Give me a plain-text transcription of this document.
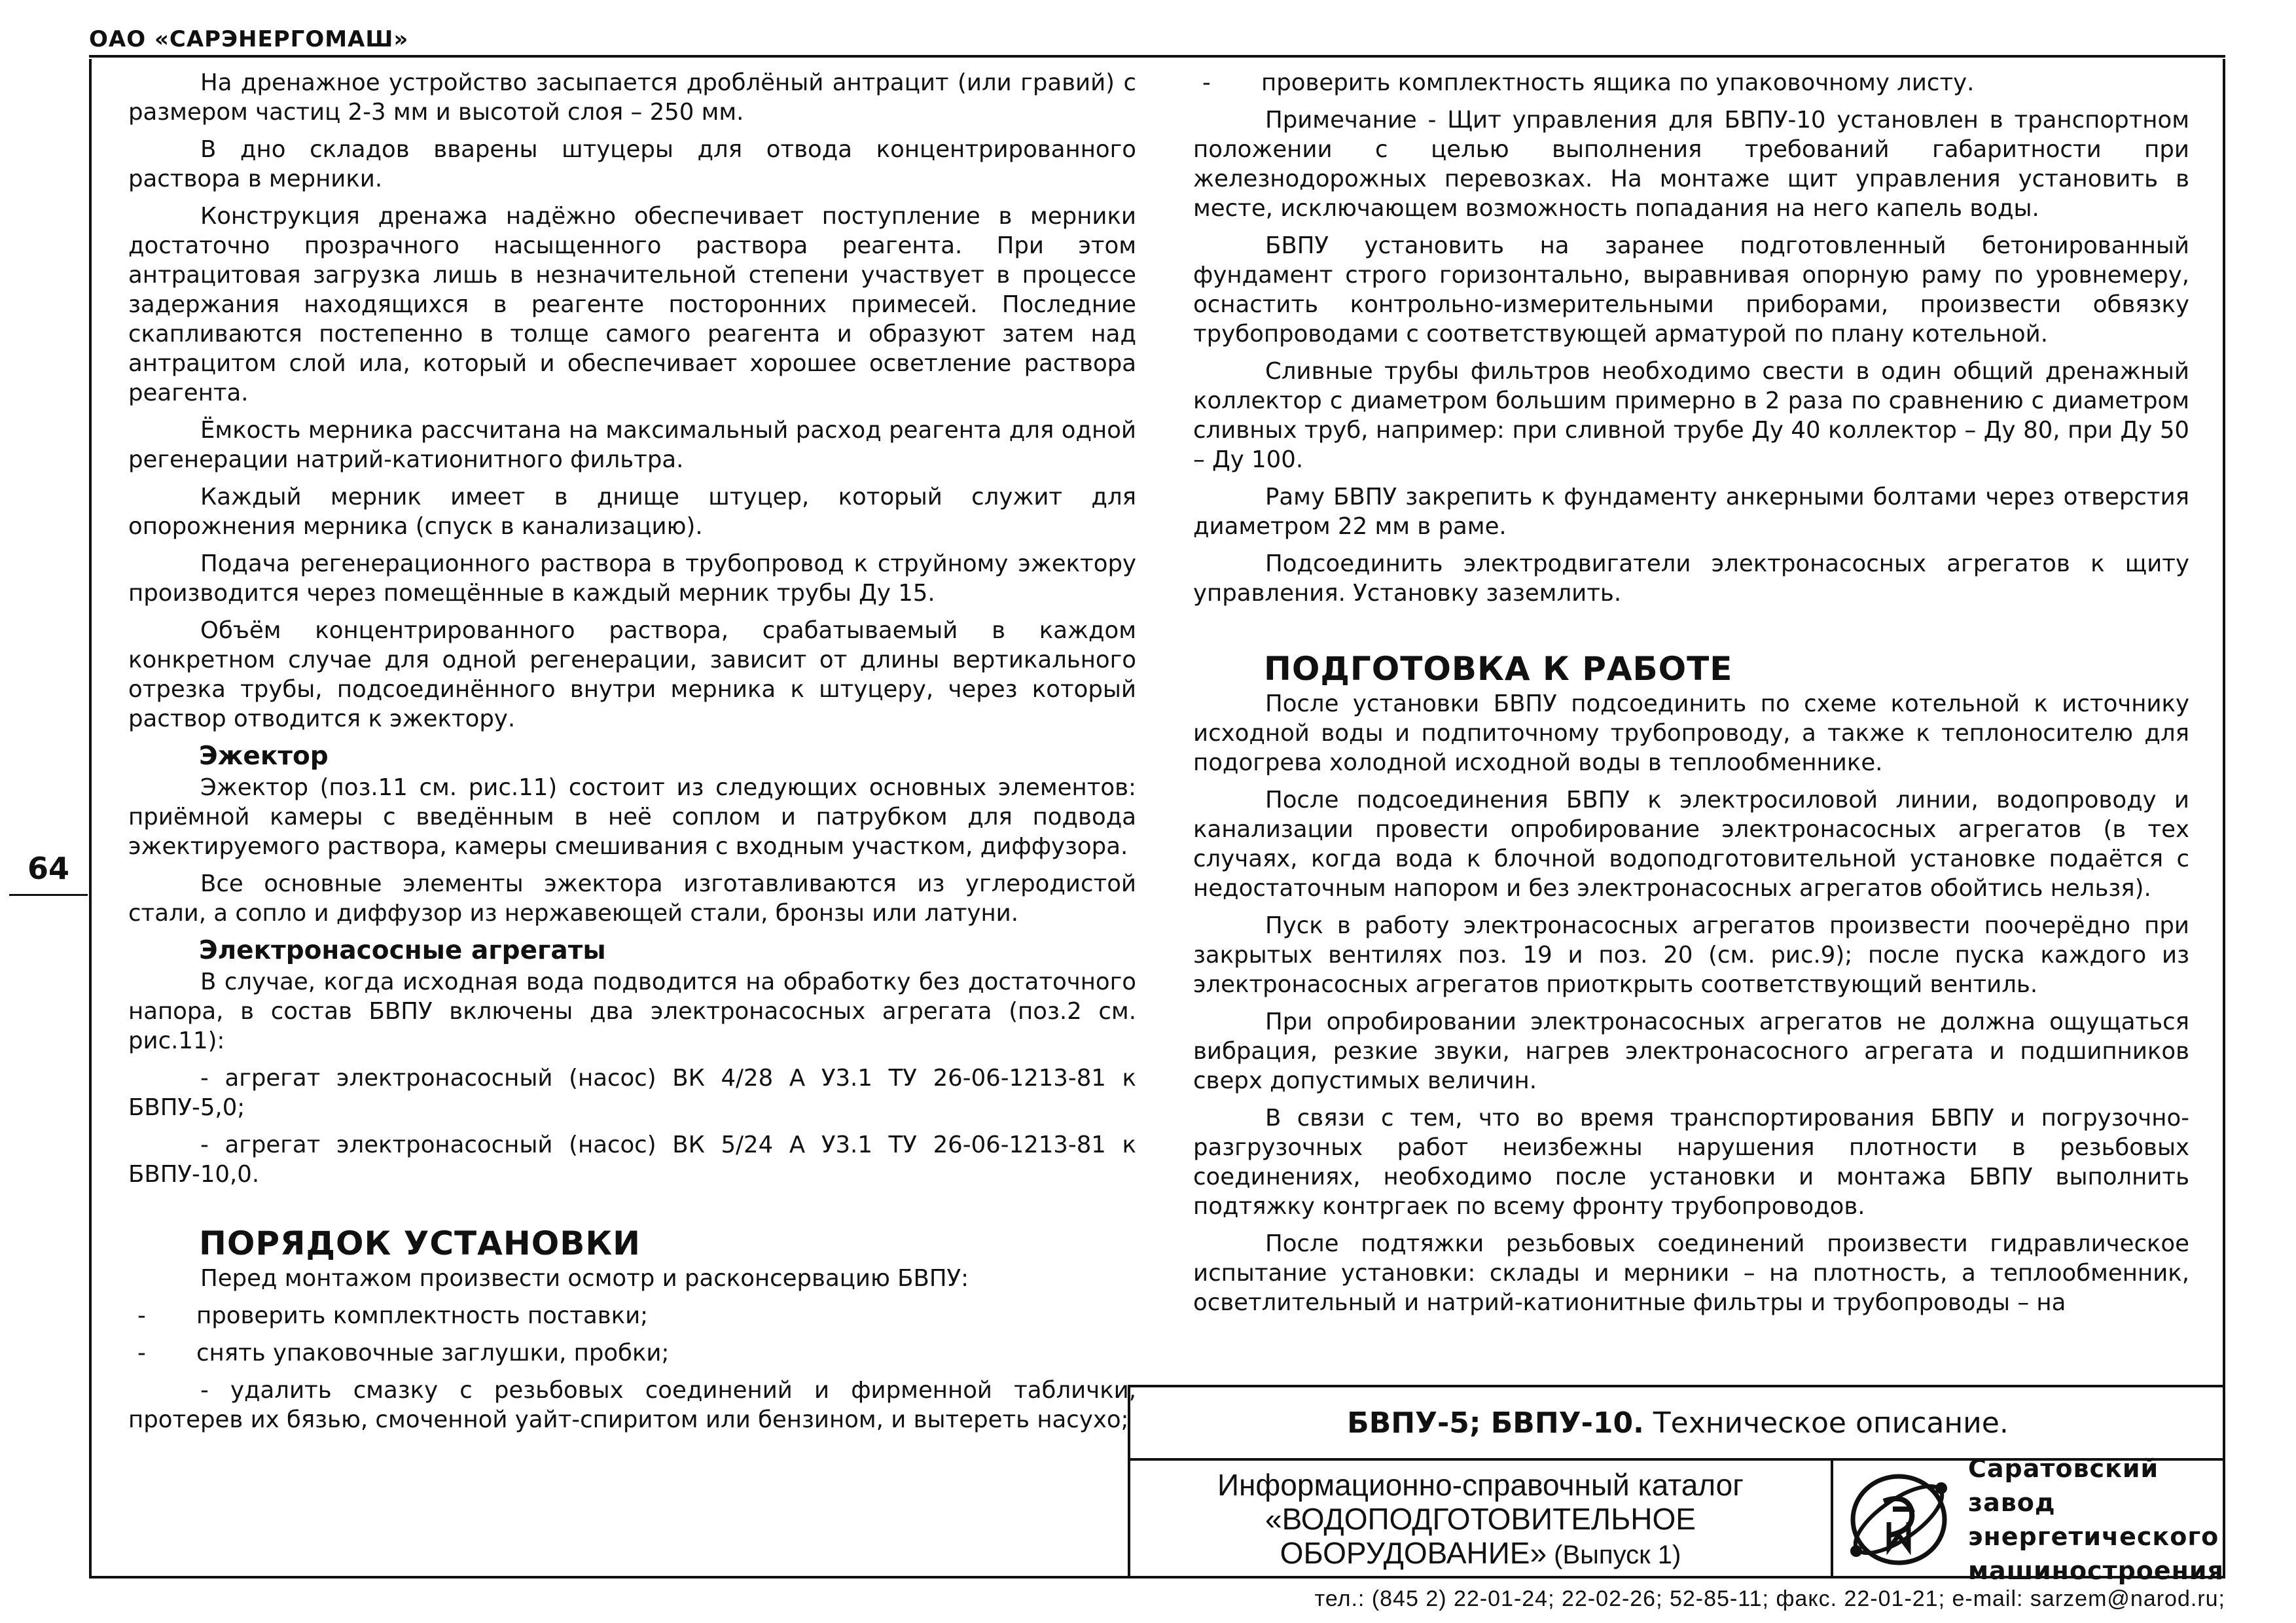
ОАО «САРЭНЕРГОМАШ»
64

На дренажное устройство засыпается дроблёный антрацит (или гравий) с размером частиц 2-3 мм и высотой слоя – 250 мм.

В дно складов вварены штуцеры для отвода концентрированного раствора в мерники.

Конструкция дренажа надёжно обеспечивает поступление в мерники достаточно прозрачного насыщенного раствора реагента. При этом антрацитовая загрузка лишь в незначительной степени участвует в процессе задержания находящихся в реагенте посторонних примесей. Последние скапливаются постепенно в толще самого реагента и образуют затем над антрацитом слой ила, который и обеспечивает хорошее осветление раствора реагента.

Ёмкость мерника рассчитана на максимальный расход реагента для одной регенерации натрий-катионитного фильтра.

Каждый мерник имеет в днище штуцер, который служит для опорожнения мерника (спуск в канализацию).

Подача регенерационного раствора в трубопровод к струйному эжектору производится через помещённые в каждый мерник трубы Ду 15.

Объём концентрированного раствора, срабатываемый в каждом конкретном случае для одной регенерации, зависит от длины вертикального отрезка трубы, подсоединённого внутри мерника к штуцеру, через который раствор отводится к эжектору.

Эжектор

Эжектор (поз.11 см. рис.11) состоит из следующих основных элементов: приёмной камеры с введённым в неё соплом и патрубком для подвода эжектируемого раствора, камеры смешивания с входным участком, диффузора.

Все основные элементы эжектора изготавливаются из углеродистой стали, а сопло и диффузор из нержавеющей стали, бронзы или латуни.

Электронасосные агрегаты

В случае, когда исходная вода подводится на обработку без достаточного напора, в состав БВПУ включены два электронасосных агрегата (поз.2 см. рис.11):

- агрегат электронасосный (насос) ВК 4/28 А У3.1 ТУ 26-06-1213-81 к БВПУ-5,0;

- агрегат электронасосный (насос) ВК 5/24 А У3.1 ТУ 26-06-1213-81 к БВПУ-10,0.

ПОРЯДОК УСТАНОВКИ

Перед монтажом произвести осмотр и расконсервацию БВПУ:

-	проверить комплектность поставки;
-	снять упаковочные заглушки, пробки;

- удалить смазку с резьбовых соединений и фирменной таблички, протерев их бязью, смоченной уайт-спиритом или бензином, и вытереть насухо;

-	проверить комплектность ящика по упаковочному листу.

Примечание - Щит управления для БВПУ-10 установлен в транспортном положении с целью выполнения требований габаритности при железнодорожных перевозках. На монтаже щит управления установить в месте, исключающем возможность попадания на него капель воды.

БВПУ установить на заранее подготовленный бетонированный фундамент строго горизонтально, выравнивая опорную раму по уровнемеру, оснастить контрольно-измерительными приборами, произвести обвязку трубопроводами с соответствующей арматурой по плану котельной.

Сливные трубы фильтров необходимо свести в один общий дренажный коллектор с диаметром большим примерно в 2 раза по сравнению с диаметром сливных труб, например: при сливной трубе Ду 40 коллектор – Ду 80, при Ду 50 – Ду 100.

Раму БВПУ закрепить к фундаменту анкерными болтами через отверстия диаметром 22 мм в раме.

Подсоединить электродвигатели электронасосных агрегатов к щиту управления. Установку заземлить.

ПОДГОТОВКА К РАБОТЕ

После установки БВПУ подсоединить по схеме котельной к источнику исходной воды и подпиточному трубопроводу, а также к теплоносителю для подогрева холодной исходной воды в теплообменнике.

После подсоединения БВПУ к электросиловой линии, водопроводу и канализации провести опробирование электронасосных агрегатов (в тех случаях, когда вода к блочной водоподготовительной установке подаётся с недостаточным напором и без электронасосных агрегатов обойтись нельзя).

Пуск в работу электронасосных агрегатов произвести поочерёдно при закрытых вентилях поз. 19 и поз. 20 (см. рис.9); после пуска каждого из электронасосных агрегатов приоткрыть соответствующий вентиль.

При опробировании электронасосных агрегатов не должна ощущаться вибрация, резкие звуки, нагрев электронасосного агрегата и подшипников сверх допустимых величин.

В связи с тем, что во время транспортирования БВПУ и погрузочно-разгрузочных работ неизбежны нарушения плотности в резьбовых соединениях, необходимо после установки и монтажа БВПУ выполнить подтяжку контргаек по всему фронту трубопроводов.

После подтяжки резьбовых соединений произвести гидравлическое испытание установки: склады и мерники – на плотность, а теплообменник, осветлительный и натрий-катионитные фильтры и трубопроводы – на

БВПУ-5; БВПУ-10. Техническое описание.
Информационно-справочный каталог
«ВОДОПОДГОТОВИТЕЛЬНОЕ
ОБОРУДОВАНИЕ» (Выпуск 1)
Саратовский завод
энергетического
машиностроения
тел.: (845 2) 22-01-24; 22-02-26; 52-85-11; факс. 22-01-21; e-mail: sarzem@narod.ru;
